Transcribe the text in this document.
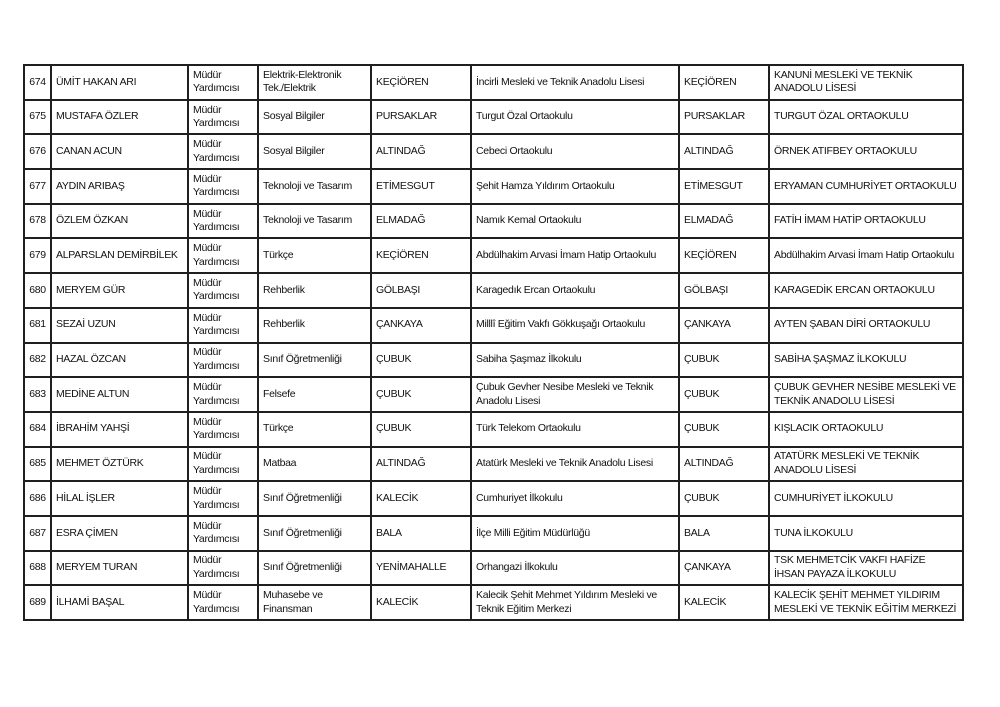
674	ÜMİT HAKAN ARI	Müdür Yardımcısı	Elektrik-Elektronik Tek./Elektrik	KEÇİÖREN	İncirli Mesleki ve Teknik Anadolu Lisesi	KEÇİÖREN	KANUNİ MESLEKİ VE TEKNİK ANADOLU LİSESİ
675	MUSTAFA ÖZLER	Müdür Yardımcısı	Sosyal Bilgiler	PURSAKLAR	Turgut Özal Ortaokulu	PURSAKLAR	TURGUT ÖZAL ORTAOKULU
676	CANAN ACUN	Müdür Yardımcısı	Sosyal Bilgiler	ALTINDAĞ	Cebeci Ortaokulu	ALTINDAĞ	ÖRNEK ATIFBEY ORTAOKULU
677	AYDIN ARIBAŞ	Müdür Yardımcısı	Teknoloji ve Tasarım	ETİMESGUT	Şehit Hamza Yıldırım Ortaokulu	ETİMESGUT	ERYAMAN CUMHURİYET ORTAOKULU
678	ÖZLEM ÖZKAN	Müdür Yardımcısı	Teknoloji ve Tasarım	ELMADAĞ	Namık Kemal Ortaokulu	ELMADAĞ	FATİH İMAM HATİP ORTAOKULU
679	ALPARSLAN DEMİRBİLEK	Müdür Yardımcısı	Türkçe	KEÇİÖREN	Abdülhakim Arvasi İmam Hatip Ortaokulu	KEÇİÖREN	Abdülhakim Arvasi İmam Hatip Ortaokulu
680	MERYEM GÜR	Müdür Yardımcısı	Rehberlik	GÖLBAŞI	Karagedık Ercan Ortaokulu	GÖLBAŞI	KARAGEDİK ERCAN ORTAOKULU
681	SEZAİ UZUN	Müdür Yardımcısı	Rehberlik	ÇANKAYA	Milllî Eğitim Vakfı Gökkuşağı Ortaokulu	ÇANKAYA	AYTEN ŞABAN DİRİ ORTAOKULU
682	HAZAL ÖZCAN	Müdür Yardımcısı	Sınıf Öğretmenliği	ÇUBUK	Sabiha Şaşmaz İlkokulu	ÇUBUK	SABİHA ŞAŞMAZ İLKOKULU
683	MEDİNE ALTUN	Müdür Yardımcısı	Felsefe	ÇUBUK	Çubuk Gevher Nesibe Mesleki ve Teknik Anadolu Lisesi	ÇUBUK	ÇUBUK GEVHER NESİBE MESLEKİ VE TEKNİK ANADOLU LİSESİ
684	İBRAHİM YAHŞİ	Müdür Yardımcısı	Türkçe	ÇUBUK	Türk Telekom Ortaokulu	ÇUBUK	KIŞLACIK ORTAOKULU
685	MEHMET ÖZTÜRK	Müdür Yardımcısı	Matbaa	ALTINDAĞ	Atatürk Mesleki ve Teknik Anadolu Lisesi	ALTINDAĞ	ATATÜRK MESLEKİ VE TEKNİK ANADOLU LİSESİ
686	HİLAL İŞLER	Müdür Yardımcısı	Sınıf Öğretmenliği	KALECİK	Cumhuriyet İlkokulu	ÇUBUK	CUMHURİYET İLKOKULU
687	ESRA ÇİMEN	Müdür Yardımcısı	Sınıf Öğretmenliği	BALA	İlçe Milli Eğitim Müdürlüğü	BALA	TUNA İLKOKULU
688	MERYEM TURAN	Müdür Yardımcısı	Sınıf Öğretmenliği	YENİMAHALLE	Orhangazi İlkokulu	ÇANKAYA	TSK MEHMETCİK VAKFI HAFİZE İHSAN PAYAZA İLKOKULU
689	İLHAMİ BAŞAL	Müdür Yardımcısı	Muhasebe ve Finansman	KALECİK	Kalecik Şehit Mehmet Yıldırım Mesleki ve Teknik Eğitim Merkezi	KALECİK	KALECİK ŞEHİT MEHMET YILDIRIM MESLEKİ VE TEKNİK EĞİTİM MERKEZİ
